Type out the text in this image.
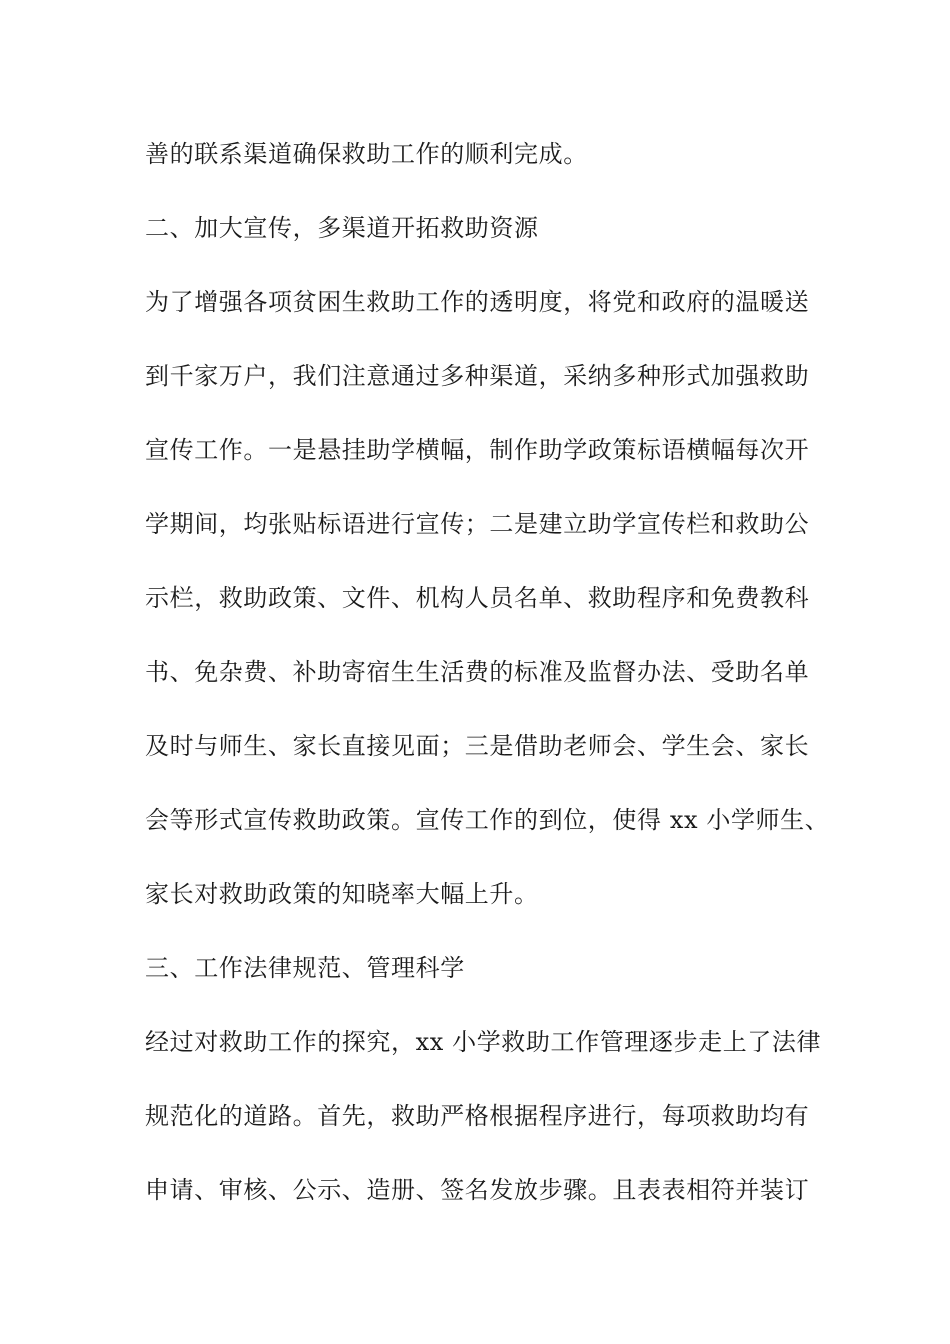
善的联系渠道确保救助工作的顺利完成。
二、加大宣传，多渠道开拓救助资源
为了增强各项贫困生救助工作的透明度，将党和政府的温暖送
到千家万户，我们注意通过多种渠道，采纳多种形式加强救助
宣传工作。一是悬挂助学横幅，制作助学政策标语横幅每次开
学期间，均张贴标语进行宣传；二是建立助学宣传栏和救助公
示栏，救助政策、文件、机构人员名单、救助程序和免费教科
书、免杂费、补助寄宿生生活费的标准及监督办法、受助名单
及时与师生、家长直接见面；三是借助老师会、学生会、家长
会等形式宣传救助政策。宣传工作的到位，使得 xx 小学师生、
家长对救助政策的知晓率大幅上升。
三、工作法律规范、管理科学
经过对救助工作的探究，xx 小学救助工作管理逐步走上了法律
规范化的道路。首先，救助严格根据程序进行，每项救助均有
申请、审核、公示、造册、签名发放步骤。且表表相符并装订
